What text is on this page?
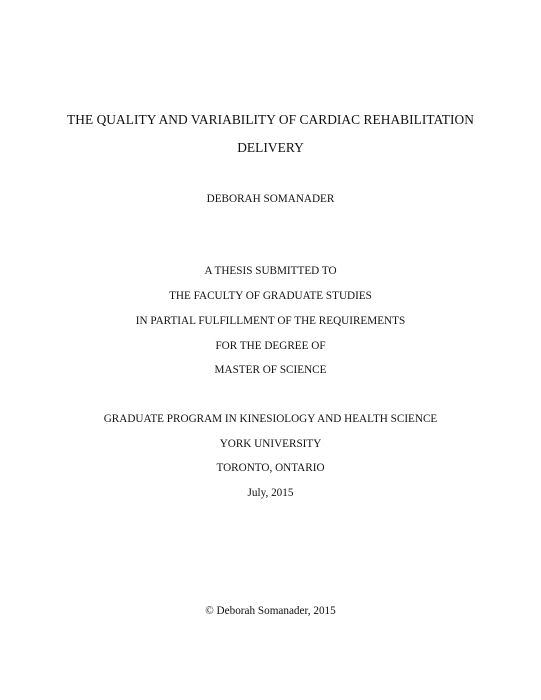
THE QUALITY AND VARIABILITY OF CARDIAC REHABILITATION
DELIVERY
DEBORAH SOMANADER
A THESIS SUBMITTED TO
THE FACULTY OF GRADUATE STUDIES
IN PARTIAL FULFILLMENT OF THE REQUIREMENTS
FOR THE DEGREE OF
MASTER OF SCIENCE
GRADUATE PROGRAM IN KINESIOLOGY AND HEALTH SCIENCE
YORK UNIVERSITY
TORONTO, ONTARIO
July, 2015
© Deborah Somanader, 2015
